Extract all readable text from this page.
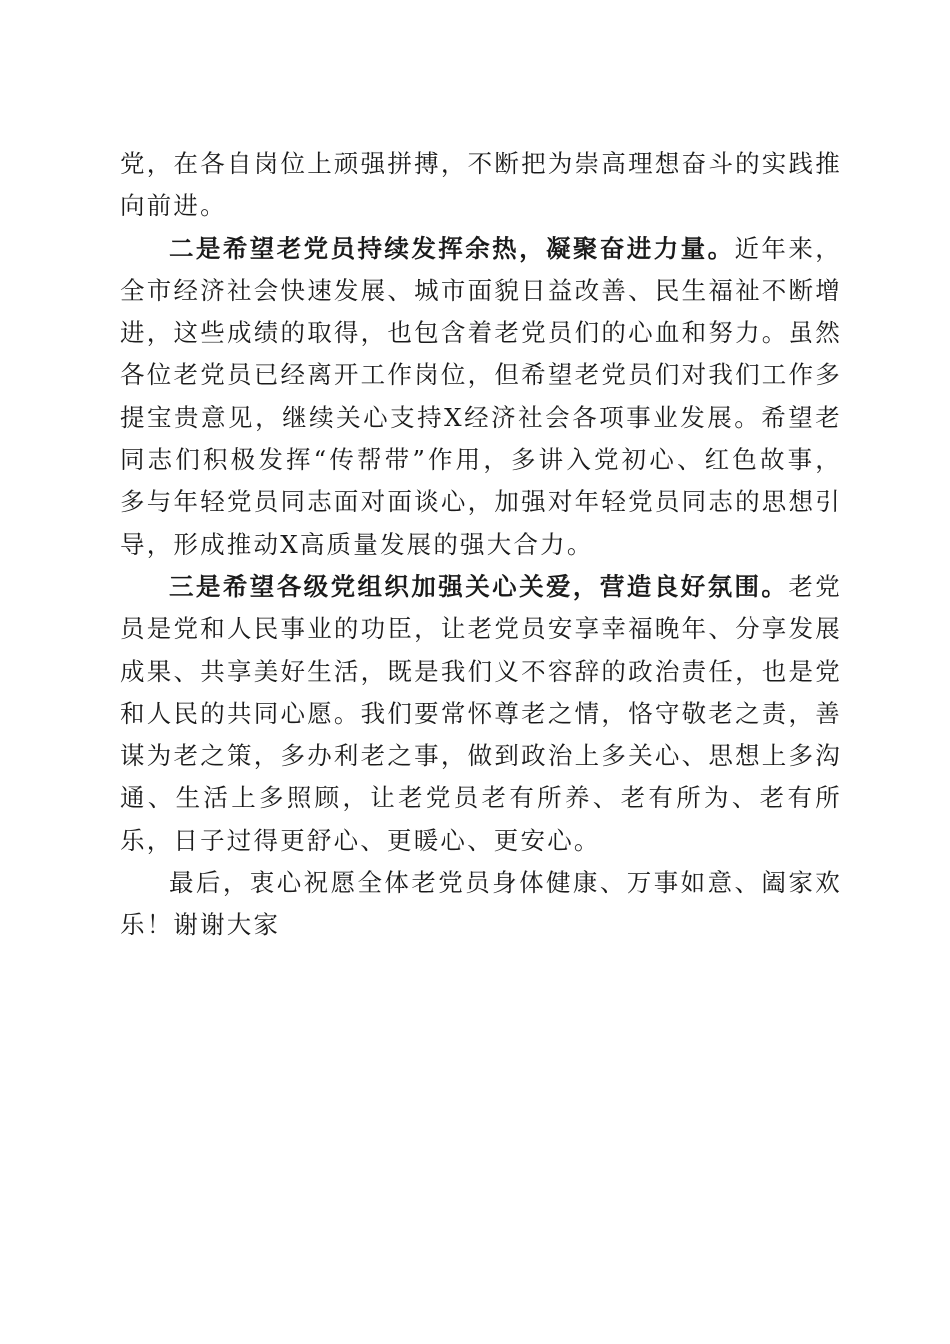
党，在各自岗位上顽强拼搏，不断把为崇高理想奋斗的实践推向前进。

二是希望老党员持续发挥余热，凝聚奋进力量。近年来，全市经济社会快速发展、城市面貌日益改善、民生福祉不断增进，这些成绩的取得，也包含着老党员们的心血和努力。虽然各位老党员已经离开工作岗位，但希望老党员们对我们工作多提宝贵意见，继续关心支持X经济社会各项事业发展。希望老同志们积极发挥“传帮带”作用，多讲入党初心、红色故事，多与年轻党员同志面对面谈心，加强对年轻党员同志的思想引导，形成推动X高质量发展的强大合力。

三是希望各级党组织加强关心关爱，营造良好氛围。老党员是党和人民事业的功臣，让老党员安享幸福晚年、分享发展成果、共享美好生活，既是我们义不容辞的政治责任，也是党和人民的共同心愿。我们要常怀尊老之情，恪守敬老之责，善谋为老之策，多办利老之事，做到政治上多关心、思想上多沟通、生活上多照顾，让老党员老有所养、老有所为、老有所乐，日子过得更舒心、更暖心、更安心。

最后，衷心祝愿全体老党员身体健康、万事如意、阖家欢乐！谢谢大家
